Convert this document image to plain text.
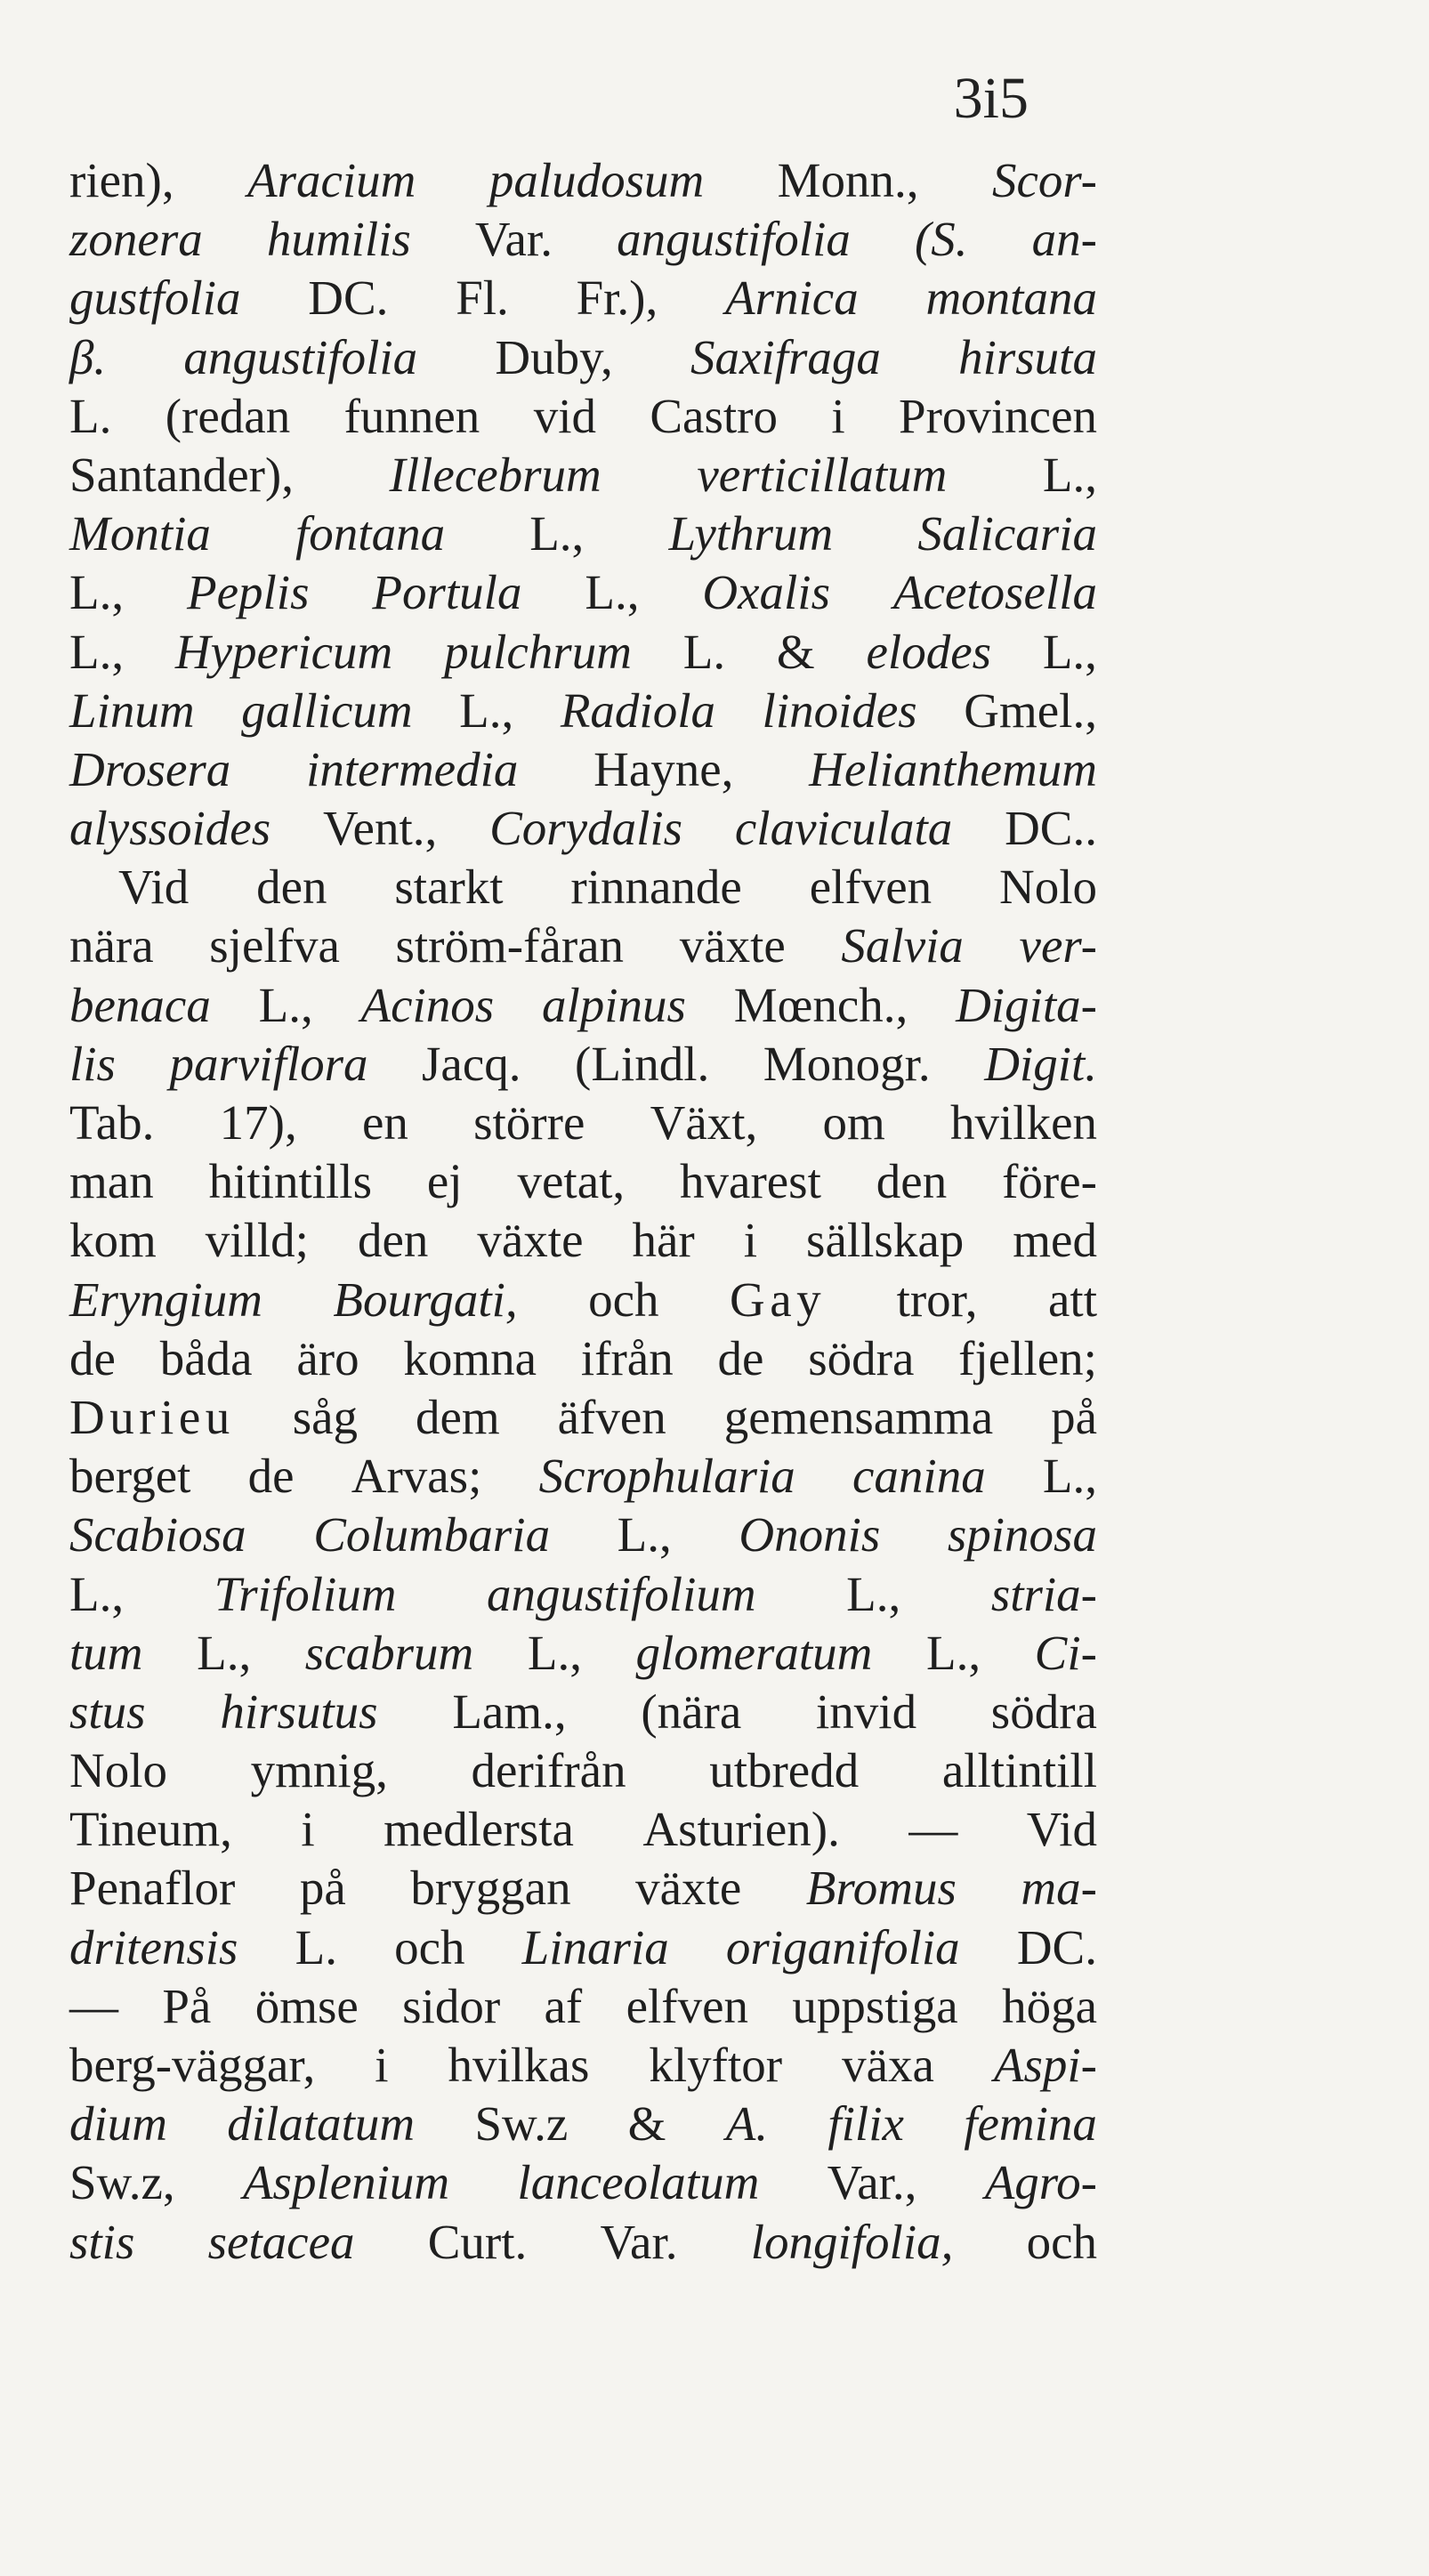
3i5
rien), Aracium paludosum Monn., Scor-
zonera humilis Var. angustifolia (S. an-
gustfolia DC. Fl. Fr.), Arnica montana
β. angustifolia Duby, Saxifraga hirsuta
L. (redan funnen vid Castro i Provincen
Santander), Illecebrum verticillatum L.,
Montia fontana L., Lythrum Salicaria
L., Peplis Portula L., Oxalis Acetosella
L., Hypericum pulchrum L. & elodes L.,
Linum gallicum L., Radiola linoides Gmel.,
Drosera intermedia Hayne, Helianthemum
alyssoides Vent., Corydalis claviculata DC..
Vid den starkt rinnande elfven Nolo
nära sjelfva ström-fåran växte Salvia ver-
benaca L., Acinos alpinus Mœnch., Digita-
lis parviflora Jacq. (Lindl. Monogr. Digit.
Tab. 17), en större Växt, om hvilken
man hitintills ej vetat, hvarest den före-
kom villd; den växte här i sällskap med
Eryngium Bourgati, och Gay tror, att
de båda äro komna ifrån de södra fjellen;
Durieu såg dem äfven gemensamma på
berget de Arvas; Scrophularia canina L.,
Scabiosa Columbaria L., Ononis spinosa
L., Trifolium angustifolium L., stria-
tum L., scabrum L., glomeratum L., Ci-
stus hirsutus Lam., (nära invid södra
Nolo ymnig, derifrån utbredd alltintill
Tineum, i medlersta Asturien). — Vid
Penaflor på bryggan växte Bromus ma-
dritensis L. och Linaria origanifolia DC.
— På ömse sidor af elfven uppstiga höga
berg-väggar, i hvilkas klyftor växa Aspi-
dium dilatatum Sw.z & A. filix femina
Sw.z, Asplenium lanceolatum Var., Agro-
stis setacea Curt. Var. longifolia, och
